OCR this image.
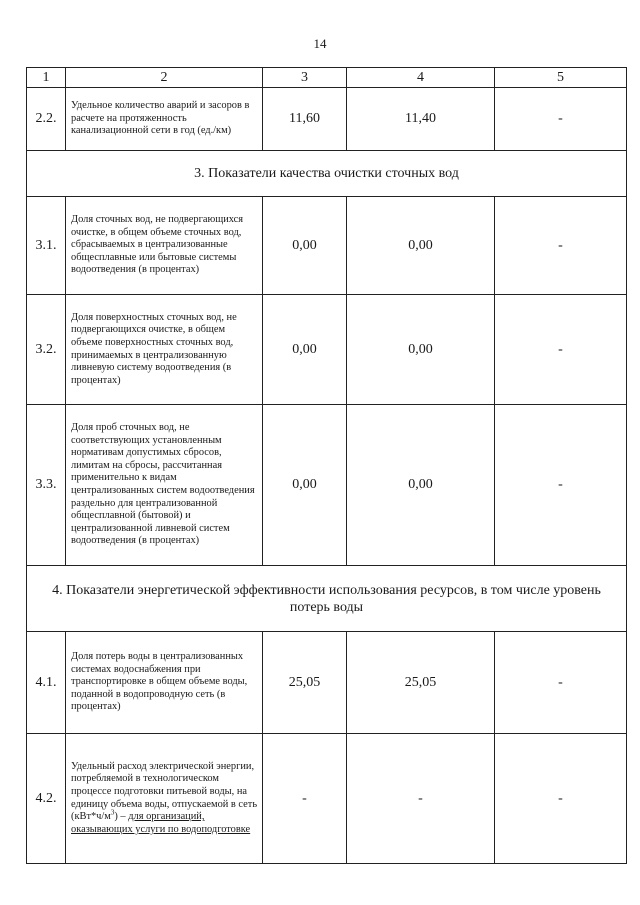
14
1	2	3	4	5
2.2.	Удельное количество аварий и засоров в расчете на протяженность канализационной сети в год (ед./км)	11,60	11,40	-
3. Показатели качества очистки сточных вод				
3.1.	Доля сточных вод, не подвергающихся очистке, в общем объеме сточных вод, сбрасываемых в централизованные общесплавные или бытовые системы водоотведения (в процентах)	0,00	0,00	-
3.2.	Доля поверхностных сточных вод, не подвергающихся очистке, в общем объеме поверхностных сточных вод, принимаемых в централизованную ливневую систему водоотведения (в процентах)	0,00	0,00	-
3.3.	Доля проб сточных вод, не соответствующих установленным нормативам допустимых сбросов, лимитам на сбросы, рассчитанная применительно к видам централизованных систем водоотведения раздельно для централизованной общесплавной (бытовой) и централизованной ливневой систем водоотведения (в процентах)	0,00	0,00	-
4. Показатели энергетической эффективности использования ресурсов, в том числе уровень потерь воды				
4.1.	Доля потерь воды в централизованных системах водоснабжения при транспортировке в общем объеме воды, поданной в водопроводную сеть (в процентах)	25,05	25,05	-
4.2.	Удельный расход электрической энергии, потребляемой в технологическом процессе подготовки питьевой воды, на единицу объема воды, отпускаемой в сеть $(кВт*ч/м^3)$ – для организаций, оказывающих услуги по водоподготовке	-	-	-
